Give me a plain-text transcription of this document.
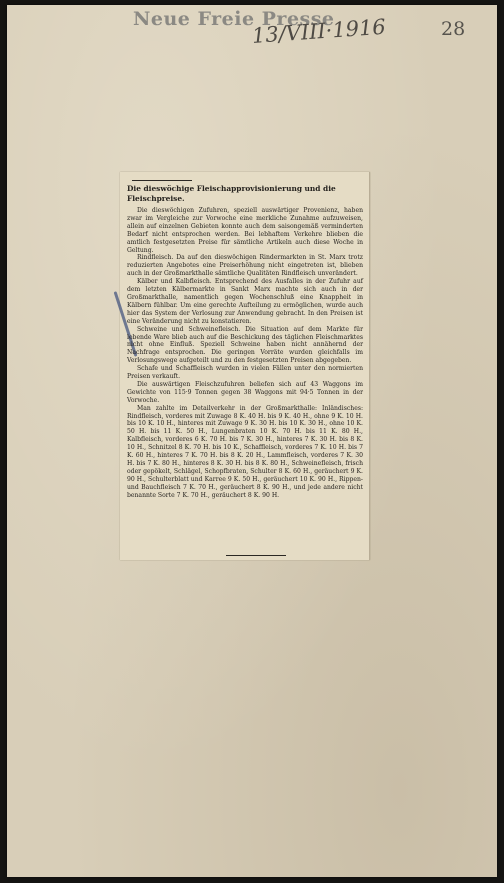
Neue Freie Presse
13/VIII·1916	28
Die dieswöchige Fleischapprovisionierung und die Fleischpreise.

Die dieswöchigen Zufuhren, speziell auswärtiger Provenienz, haben zwar im Vergleiche zur Vorwoche eine merkliche Zunahme aufzuweisen, allein auf einzelnen Gebieten konnte auch dem saisongemäß verminderten Bedarf nicht entsprochen werden. Bei lebhaftem Verkehre blieben die amtlich festgesetzten Preise für sämtliche Artikeln auch diese Woche in Geltung.

Rindfleisch. Da auf den dieswöchigen Rindermarkten in St. Marx trotz reduzierten Angebotes eine Preiserhöhung nicht eingetreten ist, blieben auch in der Großmarkthalle sämtliche Qualitäten Rindfleisch unverändert.

Kälber und Kalbfleisch. Entsprechend des Ausfalles in der Zufuhr auf dem letzten Kälbermarkte in Sankt Marx machte sich auch in der Großmarkthalle, namentlich gegen Wochenschluß eine Knappheit in Kälbern fühlbar. Um eine gerechte Aufteilung zu ermöglichen, wurde auch hier das System der Verlosung zur Anwendung gebracht. In den Preisen ist eine Veränderung nicht zu konstatieren.

Schweine und Schweinefleisch. Die Situation auf dem Markte für lebende Ware blieb auch auf die Beschickung des täglichen Fleischmarktes nicht ohne Einfluß. Speziell Schweine haben nicht annähernd der Nachfrage entsprochen. Die geringen Vorräte wurden gleichfalls im Verlosungswege aufgeteilt und zu den festgesetzten Preisen abgegeben.

Schafe und Schaffleisch wurden in vielen Fällen unter den normierten Preisen verkauft.

Die auswärtigen Fleischzufuhren beliefen sich auf 43 Waggons im Gewichte von 115·9 Tonnen gegen 38 Waggons mit 94·5 Tonnen in der Vorwoche.

Man zahlte im Detailverkehr in der Großmarkthalle: Inländisches: Rindfleisch, vorderes mit Zuwage 8 K. 40 H. bis 9 K. 40 H., ohne 9 K. 10 H. bis 10 K. 10 H., hinteres mit Zuwage 9 K. 30 H. bis 10 K. 30 H., ohne 10 K. 50 H. bis 11 K. 50 H., Lungenbraten 10 K. 70 H. bis 11 K. 80 H., Kalbfleisch, vorderes 6 K. 70 H. bis 7 K. 30 H., hinteres 7 K. 30 H. bis 8 K. 10 H., Schnitzel 8 K. 70 H. bis 10 K., Schaffleisch, vorderes 7 K. 10 H. bis 7 K. 60 H., hinteres 7 K. 70 H. bis 8 K. 20 H., Lammfleisch, vorderes 7 K. 30 H. bis 7 K. 80 H., hinteres 8 K. 30 H. bis 8 K. 80 H., Schweinefleisch, frisch oder gepökelt, Schlägel, Schopfbraten, Schulter 8 K. 60 H., geräuchert 9 K. 90 H., Schulterblatt und Karree 9 K. 50 H., geräuchert 10 K. 90 H., Rippen- und Bauchfleisch 7 K. 70 H., geräuchert 8 K. 90 H., und jede andere nicht benannte Sorte 7 K. 70 H., geräuchert 8 K. 90 H.
